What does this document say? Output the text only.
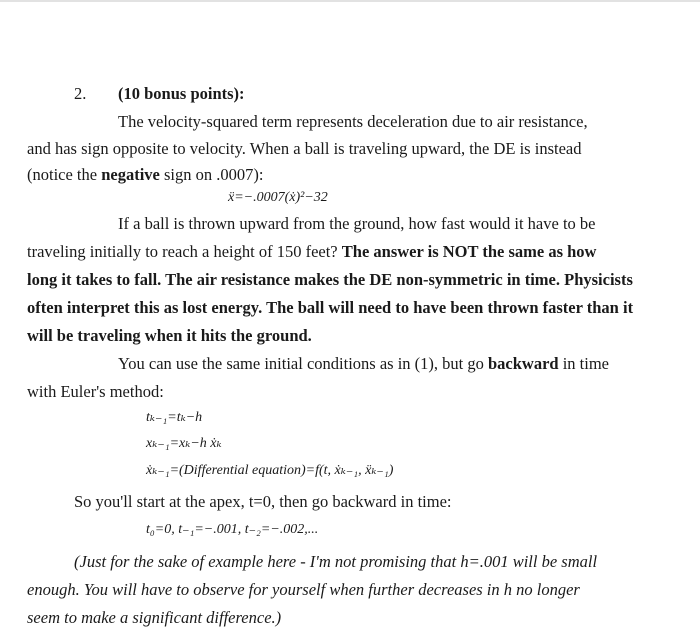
2. (10 bonus points):
The velocity-squared term represents deceleration due to air resistance,
and has sign opposite to velocity. When a ball is traveling upward, the DE is instead
(notice the negative sign on .0007):
ẍ=−.0007(ẋ)²−32
If a ball is thrown upward from the ground, how fast would it have to be
traveling initially to reach a height of 150 feet? The answer is NOT the same as how
long it takes to fall. The air resistance makes the DE non-symmetric in time. Physicists
often interpret this as lost energy. The ball will need to have been thrown faster than it
will be traveling when it hits the ground.
You can use the same initial conditions as in (1), but go backward in time
with Euler's method:
tₖ₋₁=tₖ−h
xₖ₋₁=xₖ−h ẋₖ
ẋₖ₋₁=(Differential equation)=f(t, ẋₖ₋₁, ẍₖ₋₁)
So you'll start at the apex, t=0, then go backward in time:
t₀=0, t₋₁=−.001, t₋₂=−.002,...
(Just for the sake of example here - I'm not promising that h=.001 will be small
enough. You will have to observe for yourself when further decreases in h no longer
seem to make a significant difference.)
